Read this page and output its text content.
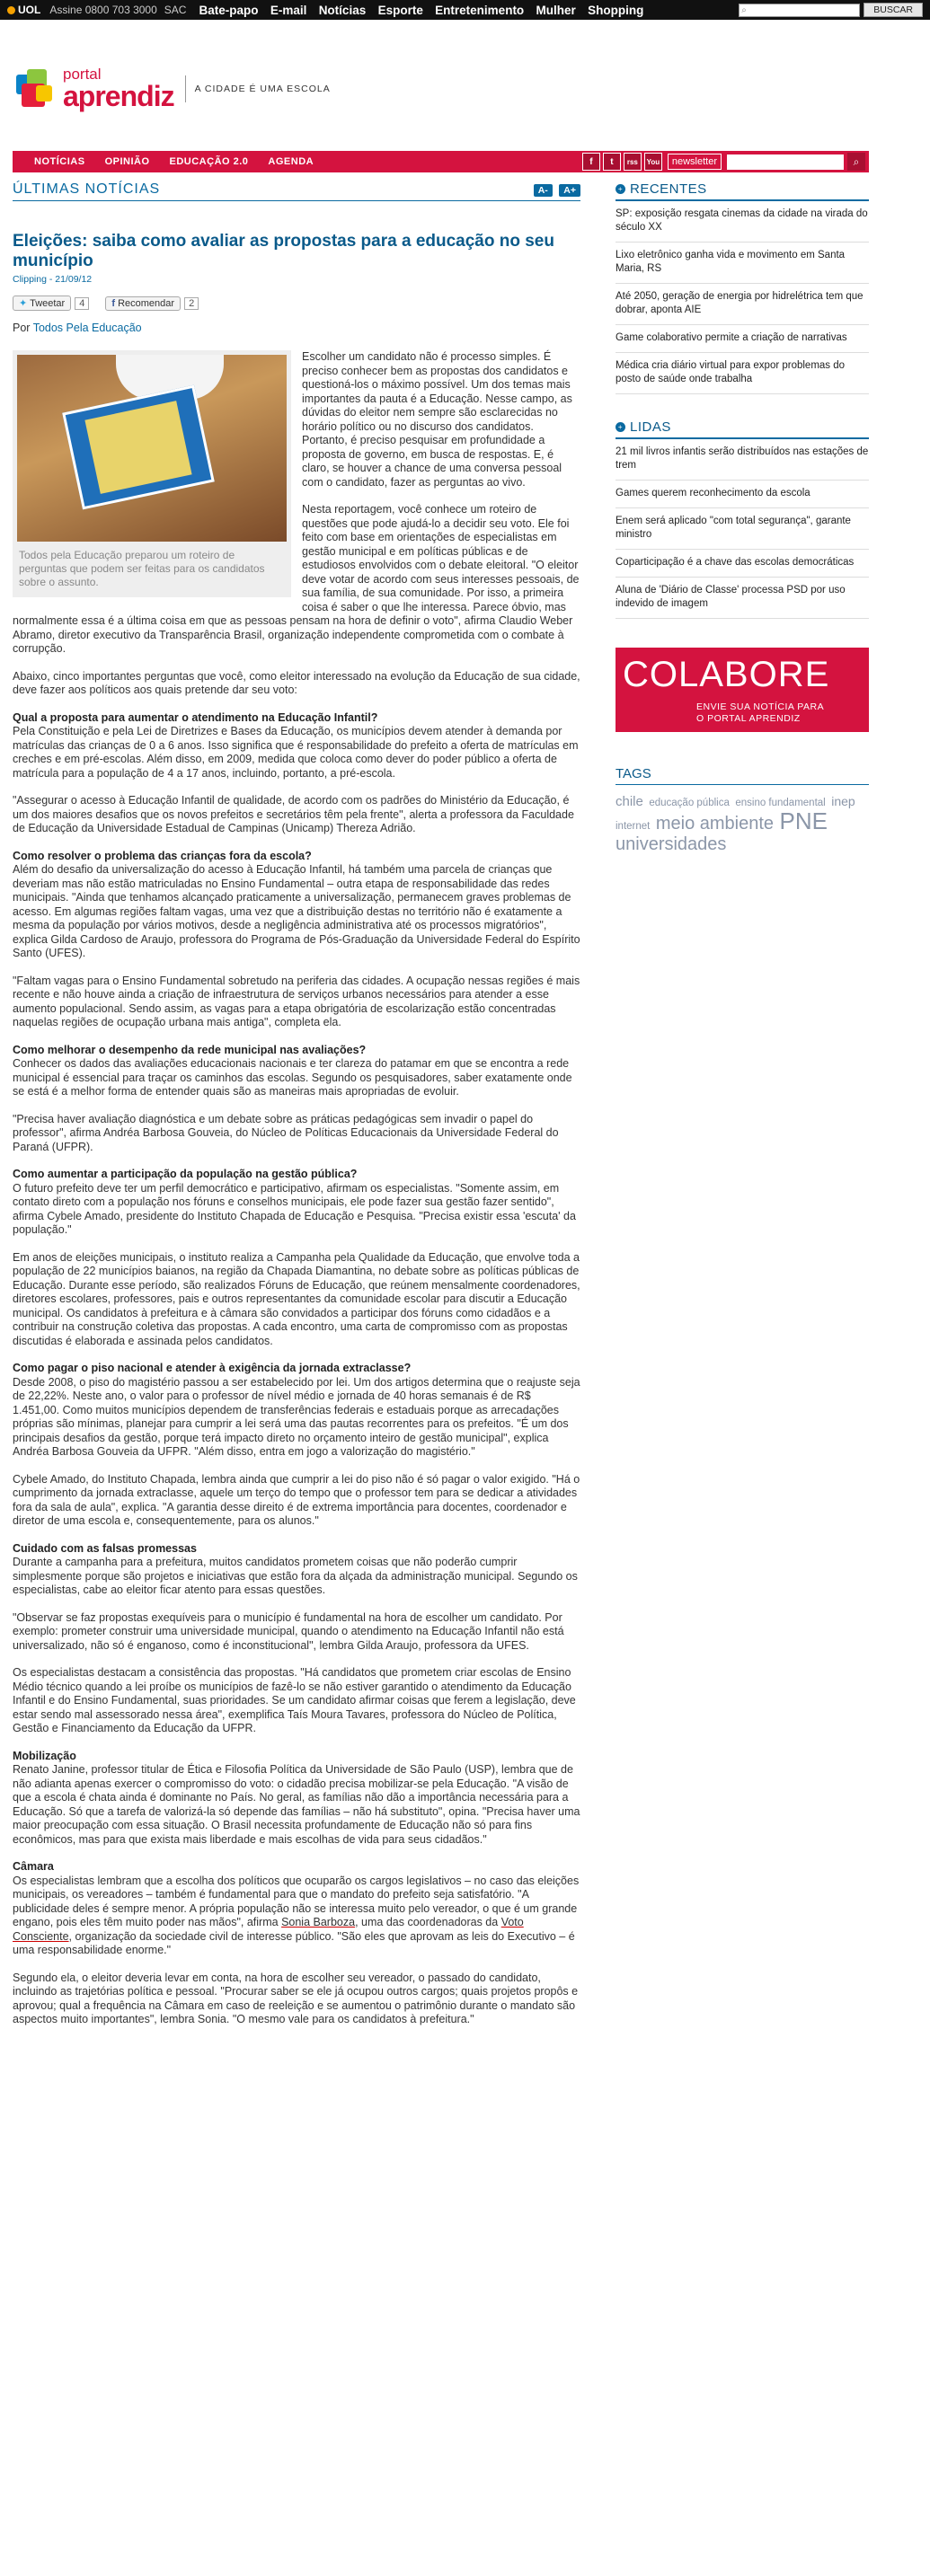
UOL Assine 0800 703 3000 SAC Bate-papo E-mail Notícias Esporte Entretenimento Mulher Shopping	⌕	BUSCAR
portal
aprendiz	A CIDADE É UMA ESCOLA
NOTÍCIAS OPINIÃO EDUCAÇÃO 2.0 AGENDA	f	t	rss You	newsletter	⌕
ÚLTIMAS NOTÍCIAS	A- A+
Eleições: saiba como avaliar as propostas para a educação no seu município
Clipping - 21/09/12
✦ Tweetar	4	f Recomendar	2
Por Todos Pela Educação
Todos pela Educação preparou um roteiro de perguntas que podem ser feitas para os candidatos sobre o assunto.

Escolher um candidato não é processo simples. É preciso conhecer bem as propostas dos candidatos e questioná-los o máximo possível. Um dos temas mais importantes da pauta é a Educação. Nesse campo, as dúvidas do eleitor nem sempre são esclarecidas no horário político ou no discurso dos candidatos. Portanto, é preciso pesquisar em profundidade a proposta de governo, em busca de respostas. E, é claro, se houver a chance de uma conversa pessoal com o candidato, fazer as perguntas ao vivo.

Nesta reportagem, você conhece um roteiro de questões que pode ajudá-lo a decidir seu voto. Ele foi feito com base em orientações de especialistas em gestão municipal e em políticas públicas e de estudiosos envolvidos com o debate eleitoral. "O eleitor deve votar de acordo com seus interesses pessoais, de sua família, de sua comunidade. Por isso, a primeira coisa é saber o que lhe interessa. Parece óbvio, mas normalmente essa é a última coisa em que as pessoas pensam na hora de definir o voto", afirma Claudio Weber Abramo, diretor executivo da Transparência Brasil, organização independente comprometida com o combate à corrupção.

Abaixo, cinco importantes perguntas que você, como eleitor interessado na evolução da Educação de sua cidade, deve fazer aos políticos aos quais pretende dar seu voto:

Qual a proposta para aumentar o atendimento na Educação Infantil?

Pela Constituição e pela Lei de Diretrizes e Bases da Educação, os municípios devem atender à demanda por matrículas das crianças de 0 a 6 anos. Isso significa que é responsabilidade do prefeito a oferta de matrículas em creches e em pré-escolas. Além disso, em 2009, medida que coloca como dever do poder público a oferta de matrícula para a população de 4 a 17 anos, incluindo, portanto, a pré-escola.

"Assegurar o acesso à Educação Infantil de qualidade, de acordo com os padrões do Ministério da Educação, é um dos maiores desafios que os novos prefeitos e secretários têm pela frente", alerta a professora da Faculdade de Educação da Universidade Estadual de Campinas (Unicamp) Thereza Adrião.

Como resolver o problema das crianças fora da escola?

Além do desafio da universalização do acesso à Educação Infantil, há também uma parcela de crianças que deveriam mas não estão matriculadas no Ensino Fundamental – outra etapa de responsabilidade das redes municipais. "Ainda que tenhamos alcançado praticamente a universalização, permanecem graves problemas de acesso. Em algumas regiões faltam vagas, uma vez que a distribuição destas no território não é exatamente a mesma da população por vários motivos, desde a negligência administrativa até os processos migratórios", explica Gilda Cardoso de Araujo, professora do Programa de Pós-Graduação da Universidade Federal do Espírito Santo (UFES).

"Faltam vagas para o Ensino Fundamental sobretudo na periferia das cidades. A ocupação nessas regiões é mais recente e não houve ainda a criação de infraestrutura de serviços urbanos necessários para atender a esse aumento populacional. Sendo assim, as vagas para a etapa obrigatória de escolarização estão concentradas naquelas regiões de ocupação urbana mais antiga", completa ela.

Como melhorar o desempenho da rede municipal nas avaliações?

Conhecer os dados das avaliações educacionais nacionais e ter clareza do patamar em que se encontra a rede municipal é essencial para traçar os caminhos das escolas. Segundo os pesquisadores, saber exatamente onde se está é a melhor forma de entender quais são as maneiras mais apropriadas de evoluir.

"Precisa haver avaliação diagnóstica e um debate sobre as práticas pedagógicas sem invadir o papel do professor", afirma Andréa Barbosa Gouveia, do Núcleo de Políticas Educacionais da Universidade Federal do Paraná (UFPR).

Como aumentar a participação da população na gestão pública?

O futuro prefeito deve ter um perfil democrático e participativo, afirmam os especialistas. "Somente assim, em contato direto com a população nos fóruns e conselhos municipais, ele pode fazer sua gestão fazer sentido", afirma Cybele Amado, presidente do Instituto Chapada de Educação e Pesquisa. "Precisa existir essa 'escuta' da população."

Em anos de eleições municipais, o instituto realiza a Campanha pela Qualidade da Educação, que envolve toda a população de 22 municípios baianos, na região da Chapada Diamantina, no debate sobre as políticas públicas de Educação. Durante esse período, são realizados Fóruns de Educação, que reúnem mensalmente coordenadores, diretores escolares, professores, pais e outros representantes da comunidade escolar para discutir a Educação municipal. Os candidatos à prefeitura e à câmara são convidados a participar dos fóruns como cidadãos e a contribuir na construção coletiva das propostas. A cada encontro, uma carta de compromisso com as propostas discutidas é elaborada e assinada pelos candidatos.

Como pagar o piso nacional e atender à exigência da jornada extraclasse?

Desde 2008, o piso do magistério passou a ser estabelecido por lei. Um dos artigos determina que o reajuste seja de 22,22%. Neste ano, o valor para o professor de nível médio e jornada de 40 horas semanais é de R$ 1.451,00. Como muitos municípios dependem de transferências federais e estaduais porque as arrecadações próprias são mínimas, planejar para cumprir a lei será uma das pautas recorrentes para os prefeitos. "É um dos principais desafios da gestão, porque terá impacto direto no orçamento inteiro de gestão municipal", explica Andréa Barbosa Gouveia da UFPR. "Além disso, entra em jogo a valorização do magistério."

Cybele Amado, do Instituto Chapada, lembra ainda que cumprir a lei do piso não é só pagar o valor exigido. "Há o cumprimento da jornada extraclasse, aquele um terço do tempo que o professor tem para se dedicar a atividades fora da sala de aula", explica. "A garantia desse direito é de extrema importância para docentes, coordenador e diretor de uma escola e, consequentemente, para os alunos."

Cuidado com as falsas promessas

Durante a campanha para a prefeitura, muitos candidatos prometem coisas que não poderão cumprir simplesmente porque são projetos e iniciativas que estão fora da alçada da administração municipal. Segundo os especialistas, cabe ao eleitor ficar atento para essas questões.

"Observar se faz propostas exequíveis para o município é fundamental na hora de escolher um candidato. Por exemplo: prometer construir uma universidade municipal, quando o atendimento na Educação Infantil não está universalizado, não só é enganoso, como é inconstitucional", lembra Gilda Araujo, professora da UFES.

Os especialistas destacam a consistência das propostas. "Há candidatos que prometem criar escolas de Ensino Médio técnico quando a lei proíbe os municípios de fazê-lo se não estiver garantido o atendimento da Educação Infantil e do Ensino Fundamental, suas prioridades. Se um candidato afirmar coisas que ferem a legislação, deve estar sendo mal assessorado nessa área", exemplifica Taís Moura Tavares, professora do Núcleo de Política, Gestão e Financiamento da Educação da UFPR.

Mobilização

Renato Janine, professor titular de Ética e Filosofia Política da Universidade de São Paulo (USP), lembra que de não adianta apenas exercer o compromisso do voto: o cidadão precisa mobilizar-se pela Educação. "A visão de que a escola é chata ainda é dominante no País. No geral, as famílias não dão a importância necessária para a Educação. Só que a tarefa de valorizá-la só depende das famílias – não há substituto", opina. "Precisa haver uma maior preocupação com essa situação. O Brasil necessita profundamente de Educação não só para fins econômicos, mas para que exista mais liberdade e mais escolhas de vida para seus cidadãos."

Câmara

Os especialistas lembram que a escolha dos políticos que ocuparão os cargos legislativos – no caso das eleições municipais, os vereadores – também é fundamental para que o mandato do prefeito seja satisfatório. "A publicidade deles é sempre menor. A própria população não se interessa muito pelo vereador, o que é um grande engano, pois eles têm muito poder nas mãos", afirma Sonia Barboza, uma das coordenadoras da Voto Consciente, organização da sociedade civil de interesse público. "São eles que aprovam as leis do Executivo – é uma responsabilidade enorme."

Segundo ela, o eleitor deveria levar em conta, na hora de escolher seu vereador, o passado do candidato, incluindo as trajetórias política e pessoal. "Procurar saber se ele já ocupou outros cargos; quais projetos propôs e aprovou; qual a frequência na Câmara em caso de reeleição e se aumentou o patrimônio durante o mandato são aspectos muito importantes", lembra Sonia. "O mesmo vale para os candidatos à prefeitura."

+ RECENTES
SP: exposição resgata cinemas da cidade na virada do século XX
Lixo eletrônico ganha vida e movimento em Santa Maria, RS
Até 2050, geração de energia por hidrelétrica tem que dobrar, aponta AIE
Game colaborativo permite a criação de narrativas
Médica cria diário virtual para expor problemas do posto de saúde onde trabalha
+ LIDAS
21 mil livros infantis serão distribuídos nas estações de trem
Games querem reconhecimento da escola
Enem será aplicado "com total segurança", garante ministro
Coparticipação é a chave das escolas democráticas
Aluna de 'Diário de Classe' processa PSD por uso indevido de imagem
COLABORE
ENVIE SUA NOTÍCIA PARA
O PORTAL APRENDIZ
TAGS
chile educação pública ensino fundamental inep internet meio ambiente PNE universidades
